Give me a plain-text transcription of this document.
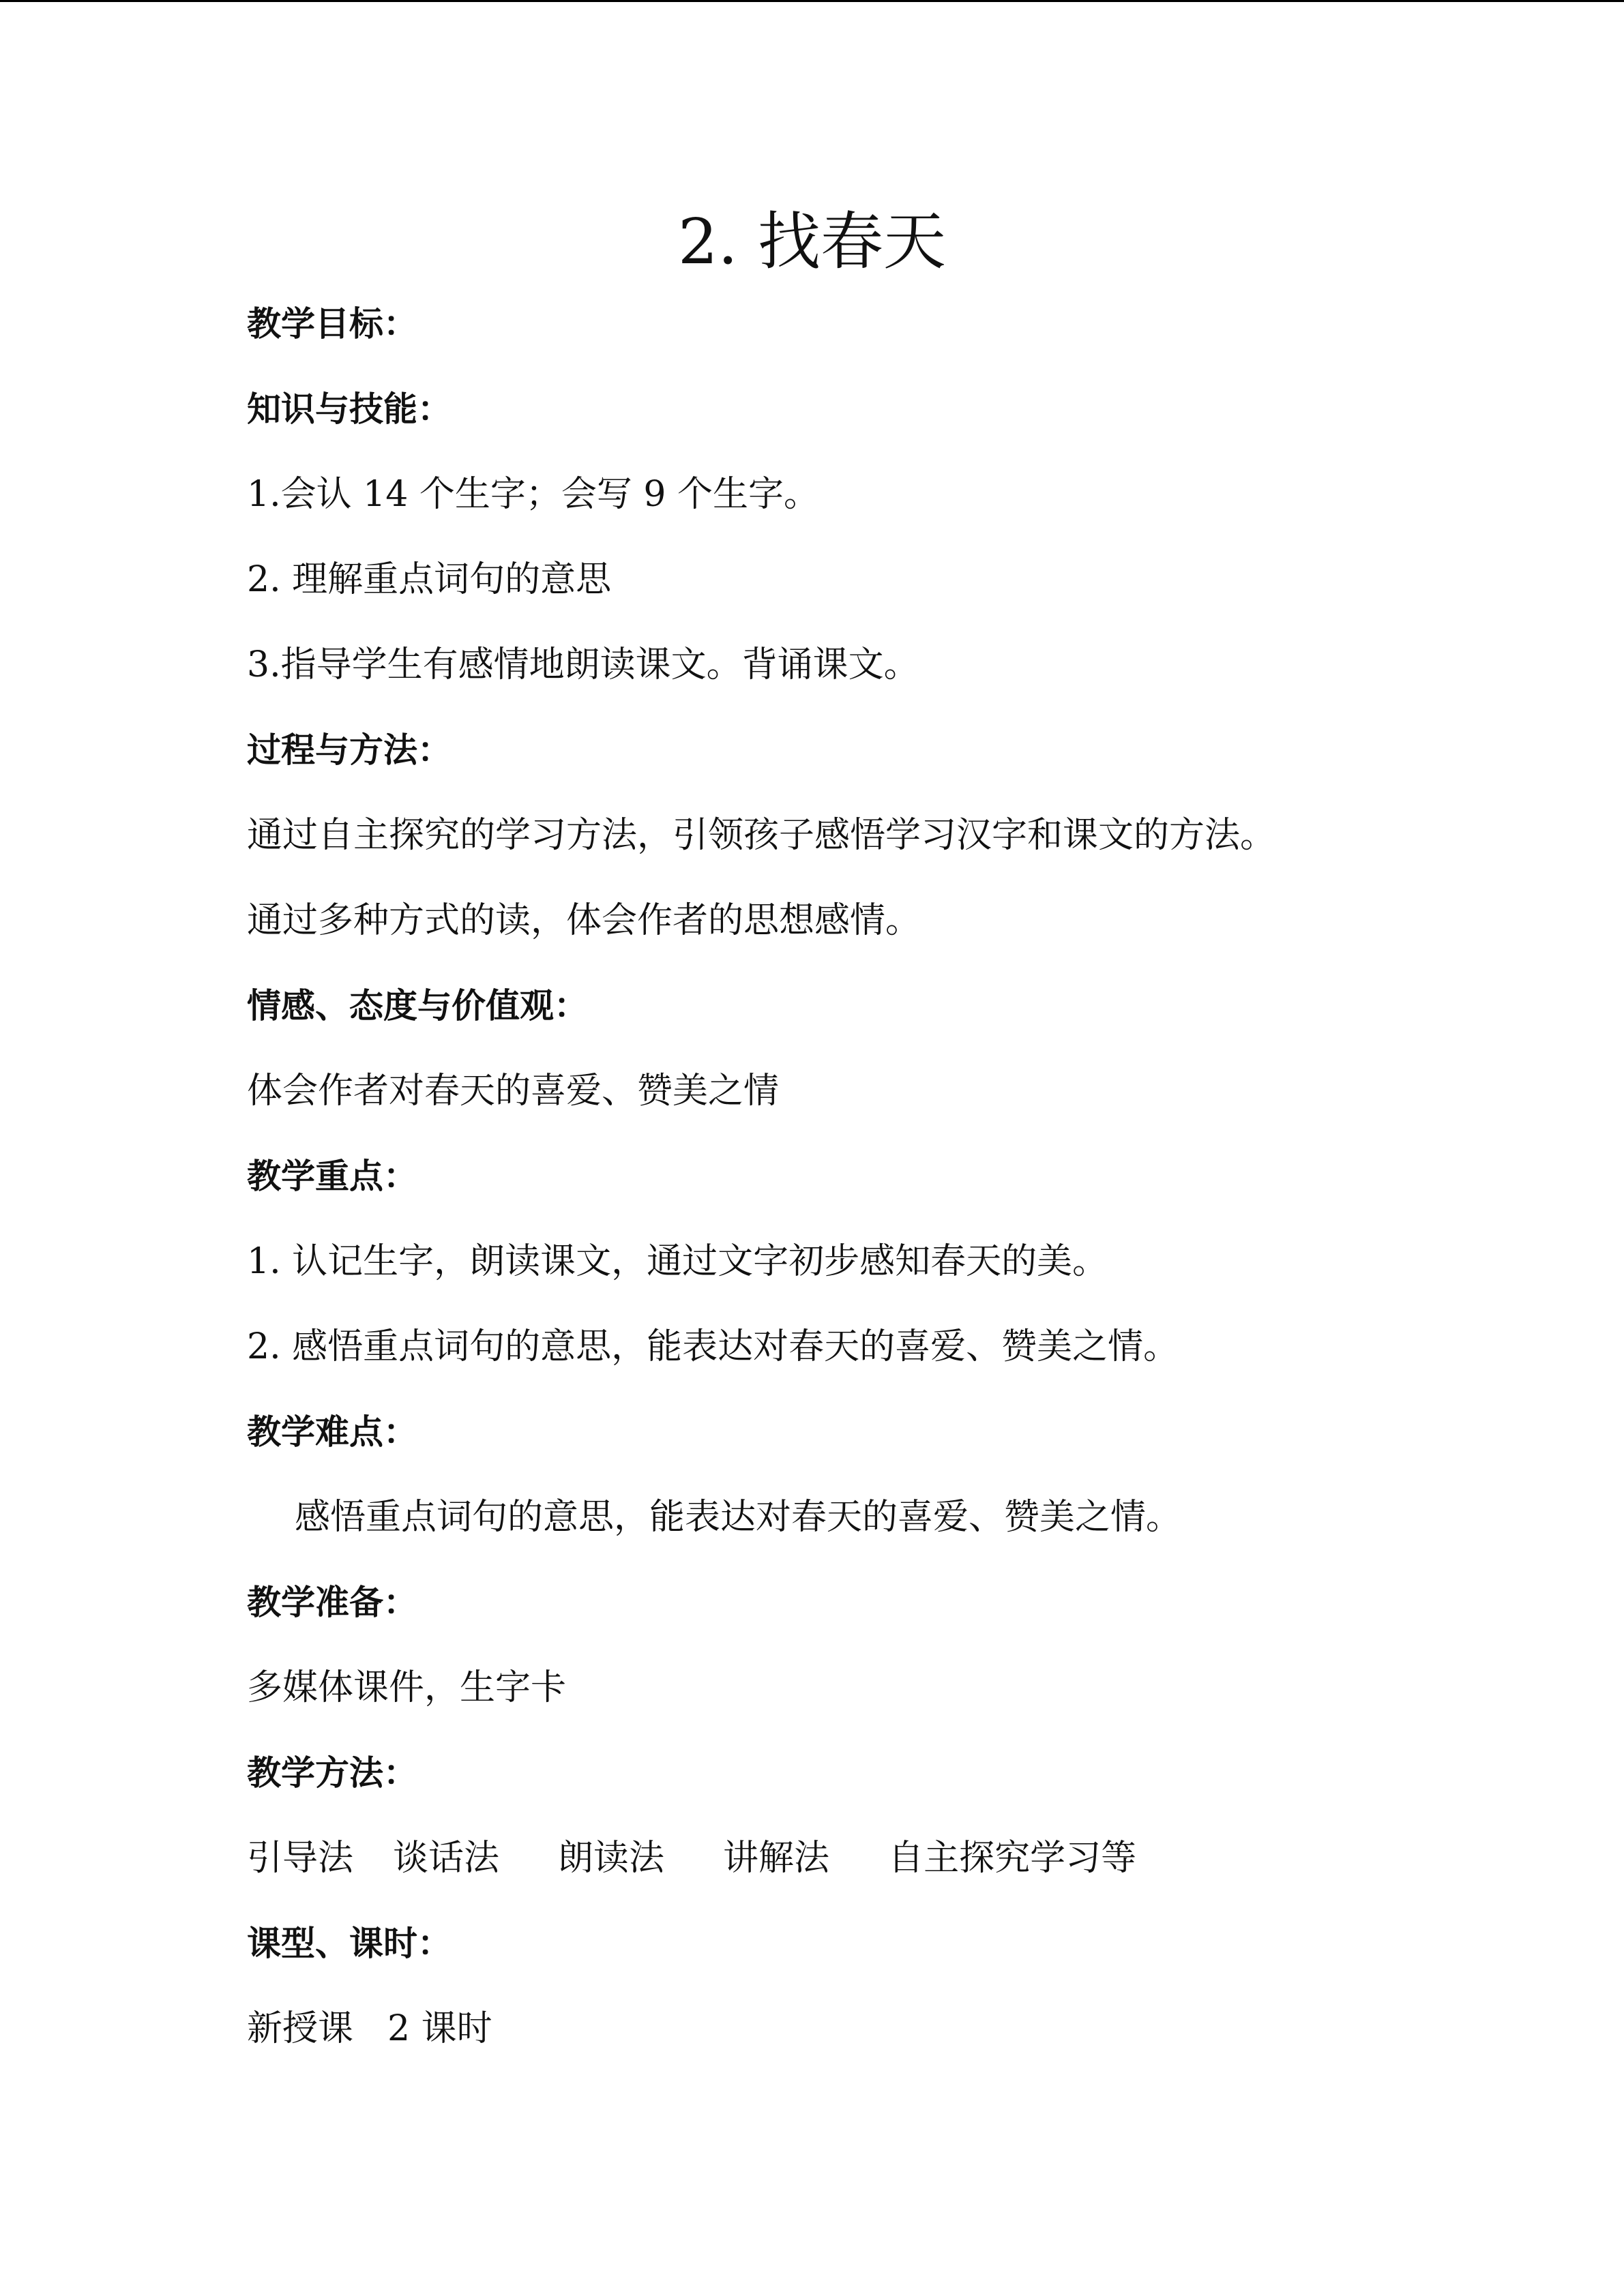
2. 找春天
教学目标：
知识与技能：
1.会认 14 个生字；会写 9 个生字。
2. 理解重点词句的意思
3.指导学生有感情地朗读课文。背诵课文。
过程与方法：
通过自主探究的学习方法，引领孩子感悟学习汉字和课文的方法。
通过多种方式的读，体会作者的思想感情。
情感、态度与价值观：
体会作者对春天的喜爱、赞美之情
教学重点：
1. 认记生字，朗读课文，通过文字初步感知春天的美。
2. 感悟重点词句的意思，能表达对春天的喜爱、赞美之情。
教学难点：
感悟重点词句的意思，能表达对春天的喜爱、赞美之情。
教学准备：
多媒体课件，生字卡
教学方法：
引导法 谈话法 朗读法 讲解法 自主探究学习等
课型、课时：
新授课 2 课时
